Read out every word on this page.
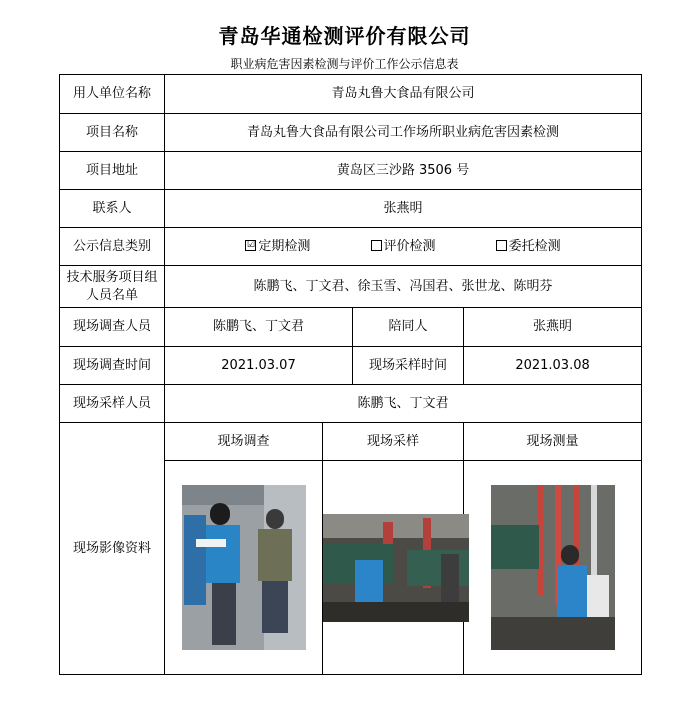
青岛华通检测评价有限公司
职业病危害因素检测与评价工作公示信息表
用人单位名称	青岛丸鲁大食品有限公司			
项目名称	青岛丸鲁大食品有限公司工作场所职业病危害因素检测			
项目地址	黄岛区三沙路 3506 号			
联系人	张燕明			
公示信息类别	☑ 定期检测 评价检测 委托检测			
技术服务项目组人员名单	陈鹏飞、丁文君、徐玉雪、冯国君、张世龙、陈明芬			
现场调查人员	陈鹏飞、丁文君		陪同人	张燕明
现场调查时间	2021.03.07		现场采样时间	2021.03.08
现场采样人员	陈鹏飞、丁文君			
现场影像资料	现场调查	现场采样		现场测量
